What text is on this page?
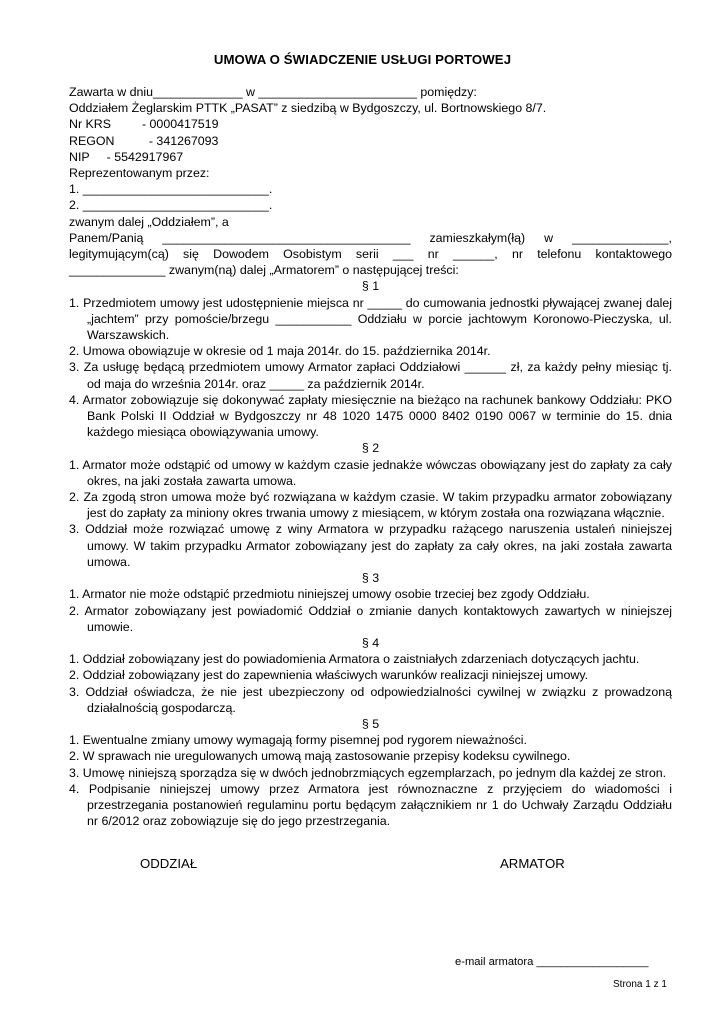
UMOWA O ŚWIADCZENIE USŁUGI PORTOWEJ
Zawarta w dniu_____________ w _______________________ pomiędzy:
Oddziałem Żeglarskim PTTK „PASAT” z siedzibą w Bydgoszczy, ul. Bortnowskiego 8/7.
Nr KRS         - 0000417519
REGON          - 341267093
NIP     - 5542917967
Reprezentowanym przez:
1. ___________________________.
2. ___________________________.
zwanym dalej „Oddziałem”, a
Panem/Panią ____________________________________ zamieszkałym(łą) w ______________,
legitymującym(cą) się Dowodem Osobistym serii ___ nr ______, nr telefonu kontaktowego
______________ zwanym(ną) dalej „Armatorem” o następującej treści:
§ 1
1. Przedmiotem umowy jest udostępnienie miejsca nr _____ do cumowania jednostki pływającej zwanej dalej „jachtem” przy pomoście/brzegu ___________ Oddziału w porcie jachtowym Koronowo-Pieczyska, ul. Warszawskich.
2. Umowa obowiązuje w okresie od 1 maja 2014r. do 15. października 2014r.
3. Za usługę będącą przedmiotem umowy Armator zapłaci Oddziałowi ______ zł, za każdy pełny miesiąc tj. od maja do września 2014r. oraz _____ za październik 2014r.
4. Armator zobowiązuje się dokonywać zapłaty miesięcznie na bieżąco na rachunek bankowy Oddziału: PKO Bank Polski II Oddział w Bydgoszczy nr 48 1020 1475 0000 8402 0190 0067 w terminie do 15. dnia każdego miesiąca obowiązywania umowy.
§ 2
1. Armator może odstąpić od umowy w każdym czasie jednakże wówczas obowiązany jest do zapłaty za cały okres, na jaki została zawarta umowa.
2. Za zgodą stron umowa może być rozwiązana w każdym czasie. W takim przypadku armator zobowiązany jest do zapłaty za miniony okres trwania umowy z miesiącem, w którym została ona rozwiązana włącznie.
3. Oddział może rozwiązać umowę z winy Armatora w przypadku rażącego naruszenia ustaleń niniejszej umowy. W takim przypadku Armator zobowiązany jest do zapłaty za cały okres, na jaki została zawarta umowa.
§ 3
1. Armator nie może odstąpić przedmiotu niniejszej umowy osobie trzeciej bez zgody Oddziału.
2. Armator zobowiązany jest powiadomić Oddział o zmianie danych kontaktowych zawartych w niniejszej umowie.
§ 4
1. Oddział zobowiązany jest do powiadomienia Armatora o zaistniałych zdarzeniach dotyczących jachtu.
2. Oddział zobowiązany jest do zapewnienia właściwych warunków realizacji niniejszej umowy.
3. Oddział oświadcza, że nie jest ubezpieczony od odpowiedzialności cywilnej w związku z prowadzoną działalnością gospodarczą.
§ 5
1. Ewentualne zmiany umowy wymagają formy pisemnej pod rygorem nieważności.
2. W sprawach nie uregulowanych umową mają zastosowanie przepisy kodeksu cywilnego.
3. Umowę niniejszą sporządza się w dwóch jednobrzmiących egzemplarzach, po jednym dla każdej ze stron.
4. Podpisanie niniejszej umowy przez Armatora jest równoznaczne z przyjęciem do wiadomości i przestrzegania postanowień regulaminu portu będącym załącznikiem nr 1 do Uchwały Zarządu Oddziału nr 6/2012 oraz zobowiązuje się do jego przestrzegania.
ODDZIAŁ	ARMATOR
e-mail armatora __________________
Strona 1 z 1
